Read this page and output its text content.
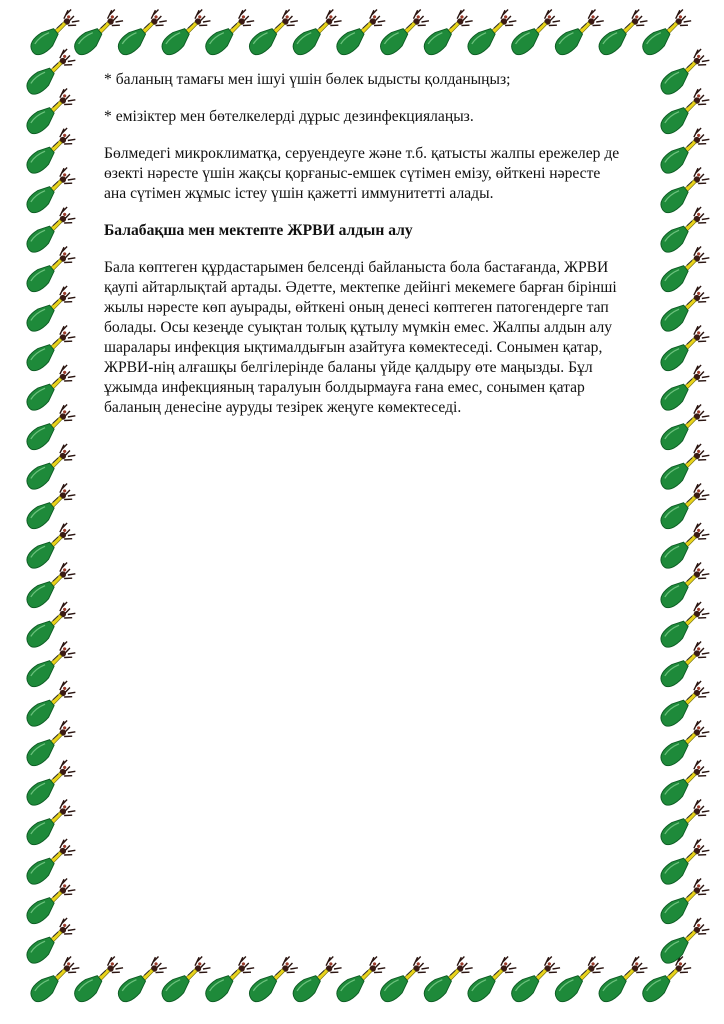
* баланың тамағы мен ішуі үшін бөлек ыдысты қолданыңыз;

* емізіктер мен бөтелкелерді дұрыс дезинфекциялаңыз.

Бөлмедегі микроклиматқа, серуендеуге және т.б. қатысты жалпы ережелер де
өзекті нәресте үшін жақсы қорғаныс-емшек сүтімен емізу, өйткені нәресте
ана сүтімен жұмыс істеу үшін қажетті иммунитетті алады.

Балабақша мен мектепте ЖРВИ алдын алу

Бала көптеген құрдастарымен белсенді байланыста бола бастағанда, ЖРВИ
қаупі айтарлықтай артады. Әдетте, мектепке дейінгі мекемеге барған бірінші
жылы нәресте көп ауырады, өйткені оның денесі көптеген патогендерге тап
болады. Осы кезеңде суықтан толық құтылу мүмкін емес. Жалпы алдын алу
шаралары инфекция ықтималдығын азайтуға көмектеседі. Сонымен қатар,
ЖРВИ-нің алғашқы белгілерінде баланы үйде қалдыру өте маңызды. Бұл
ұжымда инфекцияның таралуын болдырмауға ғана емес, сонымен қатар
баланың денесіне ауруды тезірек жеңуге көмектеседі.
